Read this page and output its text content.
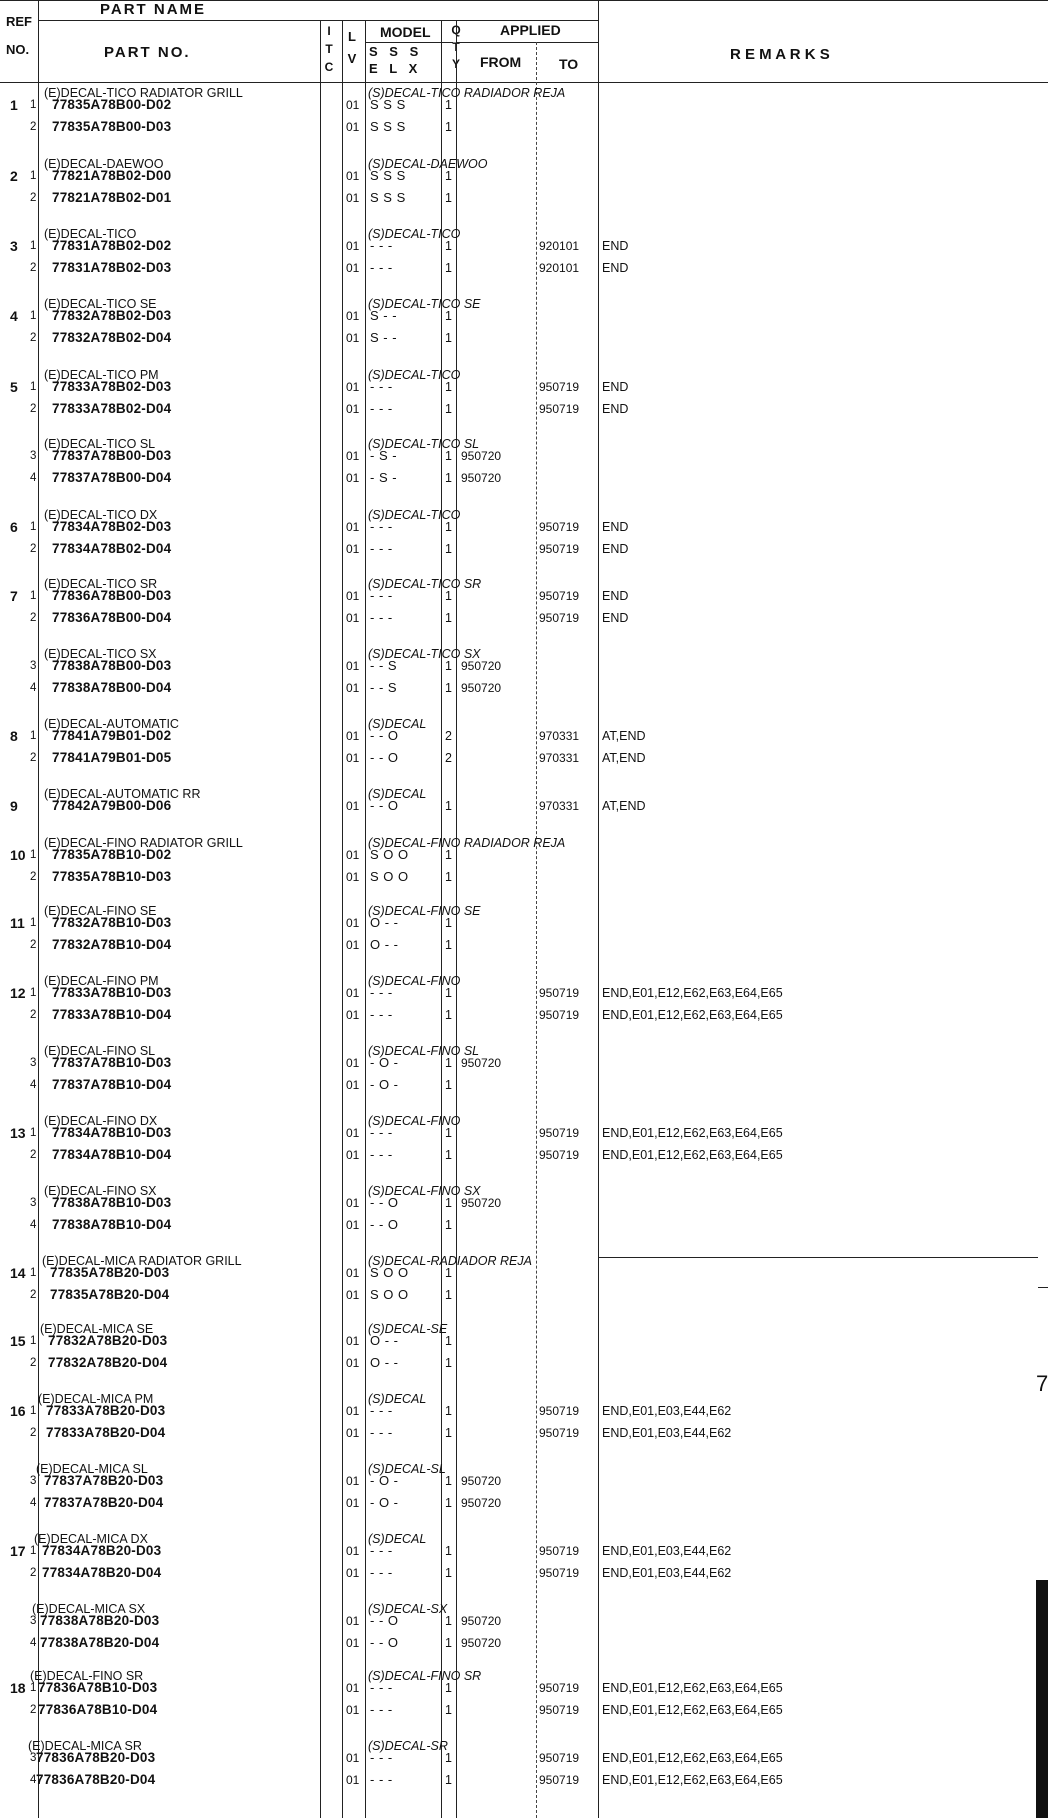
PART NAME
REF
NO.	PART NO.
I T C
L V
MODEL
S S S
E L X
Q T Y
APPLIED
FROM	TO
R E M A R K S
(E)DECAL-TICO RADIATOR GRILL	(S)DECAL-TICO RADIADOR REJA
1 1 77835A78B00-D02	01 S S S	1
2 77835A78B00-D03	01 S S S	1
(E)DECAL-DAEWOO	(S)DECAL-DAEWOO
2 1 77821A78B02-D00	01 S S S	1
2 77821A78B02-D01	01 S S S	1
(E)DECAL-TICO	(S)DECAL-TICO
3 1 77831A78B02-D02	01 - - -	1	920101 END
2 77831A78B02-D03	01 - - -	1	920101 END
(E)DECAL-TICO SE	(S)DECAL-TICO SE
4 1 77832A78B02-D03	01 S - -	1
2 77832A78B02-D04	01 S - -	1
(E)DECAL-TICO PM	(S)DECAL-TICO
5 1 77833A78B02-D03	01 - - -	1	950719 END
2 77833A78B02-D04	01 - - -	1	950719 END
(E)DECAL-TICO SL	(S)DECAL-TICO SL
3 77837A78B00-D03	01 - S -	1 950720
4 77837A78B00-D04	01 - S -	1 950720
(E)DECAL-TICO DX	(S)DECAL-TICO
6 1 77834A78B02-D03	01 - - -	1	950719 END
2 77834A78B02-D04	01 - - -	1	950719 END
(E)DECAL-TICO SR	(S)DECAL-TICO SR
7 1 77836A78B00-D03	01 - - -	1	950719 END
2 77836A78B00-D04	01 - - -	1	950719 END
(E)DECAL-TICO SX	(S)DECAL-TICO SX
3 77838A78B00-D03	01 - - S	1 950720
4 77838A78B00-D04	01 - - S	1 950720
(E)DECAL-AUTOMATIC	(S)DECAL
8 1 77841A79B01-D02	01 - - O	2	970331 AT,END
2 77841A79B01-D05	01 - - O	2	970331 AT,END
(E)DECAL-AUTOMATIC RR	(S)DECAL
9	77842A79B00-D06	01 - - O	1	970331 AT,END
(E)DECAL-FINO RADIATOR GRILL	(S)DECAL-FINO RADIADOR REJA
10 1 77835A78B10-D02	01 S O O	1
2 77835A78B10-D03	01 S O O	1
(E)DECAL-FINO SE	(S)DECAL-FINO SE
11 1 77832A78B10-D03	01 O - -	1
2 77832A78B10-D04	01 O - -	1
(E)DECAL-FINO PM	(S)DECAL-FINO
12 1 77833A78B10-D03	01 - - -	1	950719 END,E01,E12,E62,E63,E64,E65
2 77833A78B10-D04	01 - - -	1	950719 END,E01,E12,E62,E63,E64,E65
(E)DECAL-FINO SL	(S)DECAL-FINO SL
3 77837A78B10-D03	01 - O -	1 950720
4 77837A78B10-D04	01 - O -	1
(E)DECAL-FINO DX	(S)DECAL-FINO
13 1 77834A78B10-D03	01 - - -	1	950719 END,E01,E12,E62,E63,E64,E65
2 77834A78B10-D04	01 - - -	1	950719 END,E01,E12,E62,E63,E64,E65
(E)DECAL-FINO SX	(S)DECAL-FINO SX
3 77838A78B10-D03	01 - - O	1 950720
4 77838A78B10-D04	01 - - O	1
(E)DECAL-MICA RADIATOR GRILL	(S)DECAL-RADIADOR REJA
14 1 77835A78B20-D03	01 S O O	1
2 77835A78B20-D04	01 S O O	1
(E)DECAL-MICA SE	(S)DECAL-SE
15 1 77832A78B20-D03	01 O - -	1
2 77832A78B20-D04	01 O - -	1
(E)DECAL-MICA PM	(S)DECAL
16 1 77833A78B20-D03	01 - - -	1	950719 END,E01,E03,E44,E62
2 77833A78B20-D04	01 - - -	1	950719 END,E01,E03,E44,E62
(E)DECAL-MICA SL	(S)DECAL-SL
3 77837A78B20-D03	01 - O -	1 950720
4 77837A78B20-D04	01 - O -	1 950720
(E)DECAL-MICA DX	(S)DECAL
17 1 77834A78B20-D03	01 - - -	1	950719 END,E01,E03,E44,E62
2 77834A78B20-D04	01 - - -	1	950719 END,E01,E03,E44,E62
(E)DECAL-MICA SX	(S)DECAL-SX
3 77838A78B20-D03	01 - - O	1 950720
4 77838A78B20-D04	01 - - O	1 950720
(E)DECAL-FINO SR	(S)DECAL-FINO SR
18 1 77836A78B10-D03	01 - - -	1	950719 END,E01,E12,E62,E63,E64,E65
2 77836A78B10-D04	01 - - -	1	950719 END,E01,E12,E62,E63,E64,E65
(E)DECAL-MICA SR	(S)DECAL-SR
3 77836A78B20-D03	01 - - -	1	950719 END,E01,E12,E62,E63,E64,E65
4 77836A78B20-D04	01 - - -	1	950719 END,E01,E12,E62,E63,E64,E65
7
